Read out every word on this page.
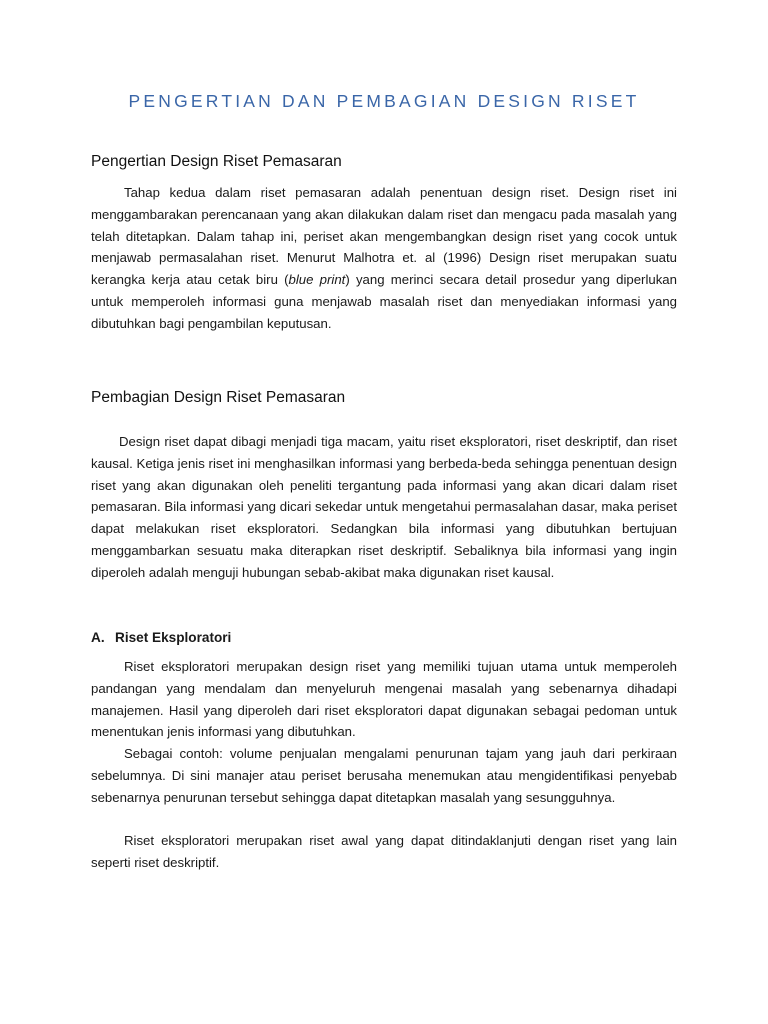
PENGERTIAN DAN PEMBAGIAN DESIGN RISET
Pengertian Design Riset Pemasaran

Tahap kedua dalam riset pemasaran adalah penentuan design riset. Design riset ini menggambarakan perencanaan yang akan dilakukan dalam riset dan mengacu pada masalah yang telah ditetapkan. Dalam tahap ini, periset akan mengembangkan design riset yang cocok untuk menjawab permasalahan riset. Menurut Malhotra et. al (1996) Design riset merupakan suatu kerangka kerja atau cetak biru (blue print) yang merinci secara detail prosedur yang diperlukan untuk memperoleh informasi guna menjawab masalah riset dan menyediakan informasi yang dibutuhkan bagi pengambilan keputusan.

Pembagian Design Riset Pemasaran

Design riset dapat dibagi menjadi tiga macam, yaitu riset eksploratori, riset deskriptif, dan riset kausal. Ketiga jenis riset ini menghasilkan informasi yang berbeda-beda sehingga penentuan design riset yang akan digunakan oleh peneliti tergantung pada informasi yang akan dicari dalam riset pemasaran. Bila informasi yang dicari sekedar untuk mengetahui permasalahan dasar, maka periset dapat melakukan riset eksploratori. Sedangkan bila informasi yang dibutuhkan bertujuan menggambarkan sesuatu maka diterapkan riset deskriptif. Sebaliknya bila informasi yang ingin diperoleh adalah menguji hubungan sebab-akibat maka digunakan riset kausal.

A. Riset Eksploratori

Riset eksploratori merupakan design riset yang memiliki tujuan utama untuk memperoleh pandangan yang mendalam dan menyeluruh mengenai masalah yang sebenarnya dihadapi manajemen. Hasil yang diperoleh dari riset eksploratori dapat digunakan sebagai pedoman untuk menentukan jenis informasi yang dibutuhkan.

Sebagai contoh: volume penjualan mengalami penurunan tajam yang jauh dari perkiraan sebelumnya. Di sini manajer atau periset berusaha menemukan atau mengidentifikasi penyebab sebenarnya penurunan tersebut sehingga dapat ditetapkan masalah yang sesungguhnya.

Riset eksploratori merupakan riset awal yang dapat ditindaklanjuti dengan riset yang lain seperti riset deskriptif.
